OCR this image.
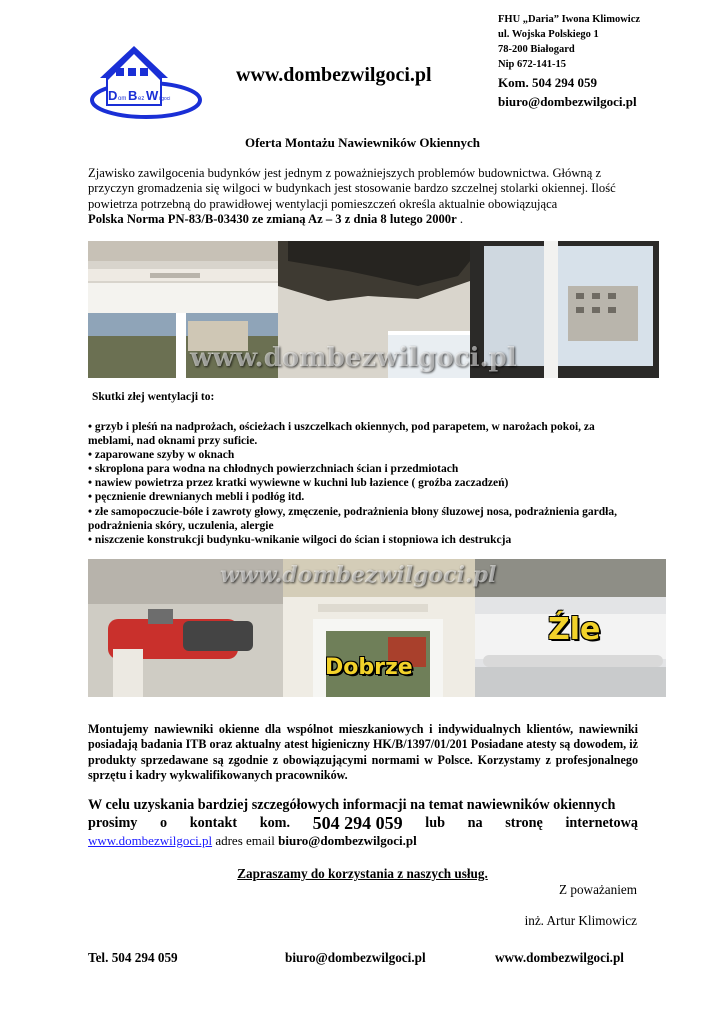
D om B ez W ilgoci
www.dombezwilgoci.pl
FHU „Daria” Iwona Klimowicz
ul. Wojska Polskiego 1
78-200 Białogard
Nip 672-141-15
Kom. 504 294 059
biuro@dombezwilgoci.pl
Oferta Montażu Nawiewników Okiennych
Zjawisko zawilgocenia budynków jest jednym z poważniejszych problemów budownictwa. Główną z przyczyn gromadzenia się wilgoci w budynkach jest stosowanie bardzo szczelnej stolarki okiennej. Ilość powietrza potrzebną do prawidłowej wentylacji pomieszczeń określa aktualnie obowiązująca
Polska Norma PN-83/B-03430 ze zmianą Az – 3 z dnia 8 lutego 2000r .
www.dombezwilgoci.pl
Skutki złej wentylacji to:
• grzyb i pleśń na nadprożach, ościeżach i uszczelkach okiennych, pod parapetem, w narożach pokoi, za meblami, nad oknami przy suficie.
• zaparowane szyby w oknach
• skroplona para wodna na chłodnych powierzchniach ścian i przedmiotach
• nawiew powietrza przez kratki wywiewne w kuchni lub łazience ( groźba zaczadzeń)
• pęcznienie drewnianych mebli i podłóg itd.
• złe samopoczucie-bóle i zawroty głowy, zmęczenie, podrażnienia błony śluzowej nosa, podrażnienia gardła, podrażnienia skóry, uczulenia, alergie
• niszczenie konstrukcji budynku-wnikanie wilgoci do ścian i stopniowa ich destrukcja
www.dombezwilgoci.pl
Dobrze
Źle
Montujemy nawiewniki okienne dla wspólnot mieszkaniowych i indywidualnych klientów, nawiewniki posiadają badania ITB oraz aktualny atest higieniczny HK/B/1397/01/201 Posiadane atesty są dowodem, iż produkty sprzedawane są zgodnie z obowiązującymi normami w Polsce. Korzystamy z profesjonalnego sprzętu i kadry wykwalifikowanych pracowników.
W celu uzyskania bardziej szczegółowych informacji na temat nawiewników okiennych
prosimy o kontakt kom. 504 294 059 lub na stronę internetową
www.dombezwilgoci.pl adres email biuro@dombezwilgoci.pl
Zapraszamy do korzystania z naszych usług.
Z poważaniem
inż. Artur Klimowicz
Tel. 504 294 059	biuro@dombezwilgoci.pl	www.dombezwilgoci.pl
